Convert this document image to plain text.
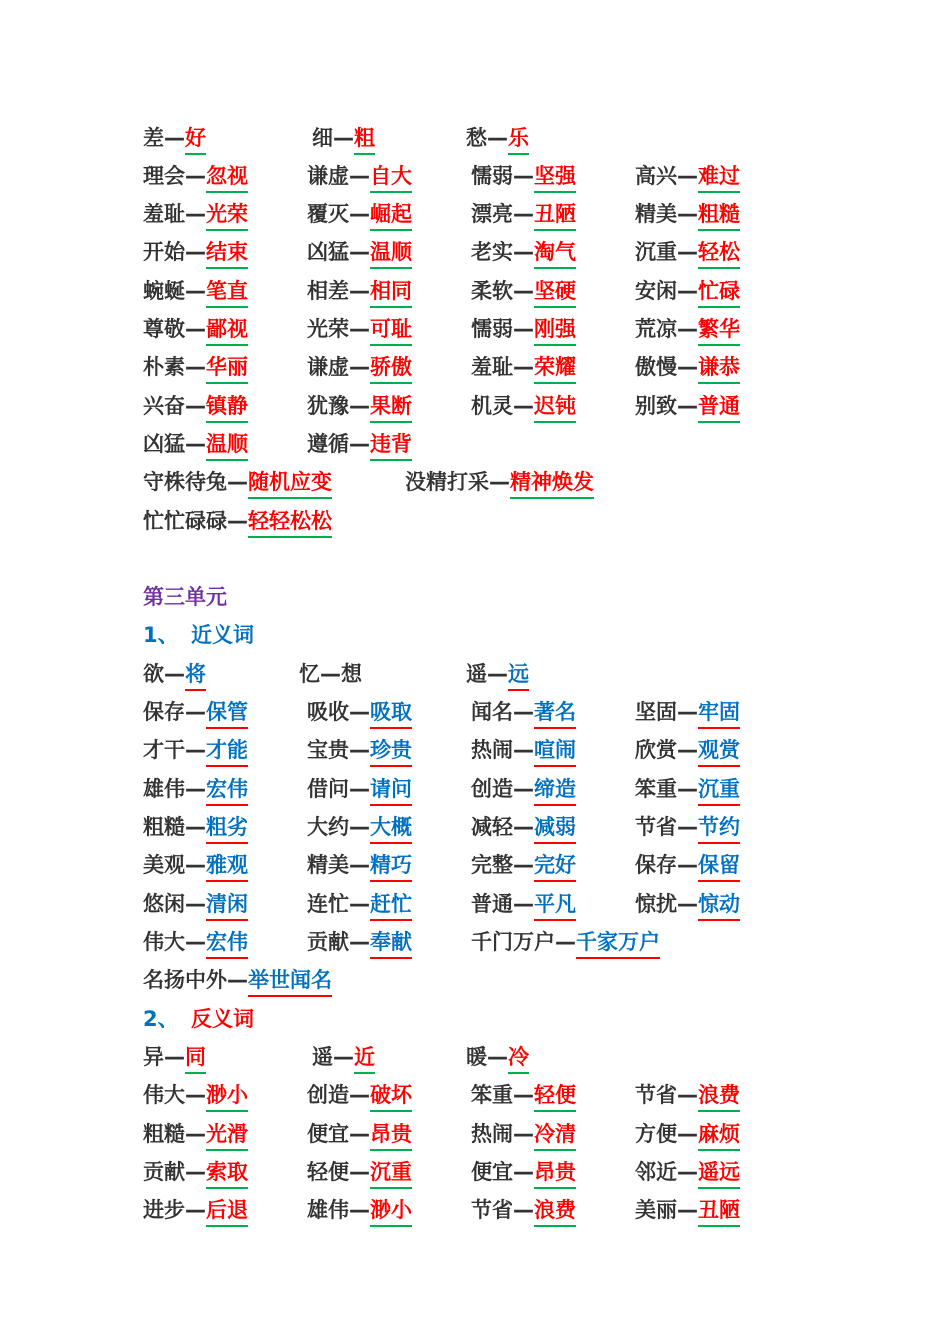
差—好	细—粗	愁—乐
理会—忽视	谦虚—自大	懦弱—坚强	高兴—难过
羞耻—光荣	覆灭—崛起	漂亮—丑陋	精美—粗糙
开始—结束	凶猛—温顺	老实—淘气	沉重—轻松
蜿蜒—笔直	相差—相同	柔软—坚硬	安闲—忙碌
尊敬—鄙视	光荣—可耻	懦弱—刚强	荒凉—繁华
朴素—华丽	谦虚—骄傲	羞耻—荣耀	傲慢—谦恭
兴奋—镇静	犹豫—果断	机灵—迟钝	别致—普通
凶猛—温顺	遵循—违背
守株待兔—随机应变	没精打采—精神焕发
忙忙碌碌—轻轻松松
第三单元
1、 近义词
欲—将	忆—想	遥—远
保存—保管	吸收—吸取	闻名—著名	坚固—牢固
才干—才能	宝贵—珍贵	热闹—喧闹	欣赏—观赏
雄伟—宏伟	借问—请问	创造—缔造	笨重—沉重
粗糙—粗劣	大约—大概	减轻—减弱	节省—节约
美观—雅观	精美—精巧	完整—完好	保存—保留
悠闲—清闲	连忙—赶忙	普通—平凡	惊扰—惊动
伟大—宏伟	贡献—奉献	千门万户—千家万户
名扬中外—举世闻名
2、 反义词
异—同	遥—近	暖—冷
伟大—渺小	创造—破坏	笨重—轻便	节省—浪费
粗糙—光滑	便宜—昂贵	热闹—冷清	方便—麻烦
贡献—索取	轻便—沉重	便宜—昂贵	邻近—遥远
进步—后退	雄伟—渺小	节省—浪费	美丽—丑陋
